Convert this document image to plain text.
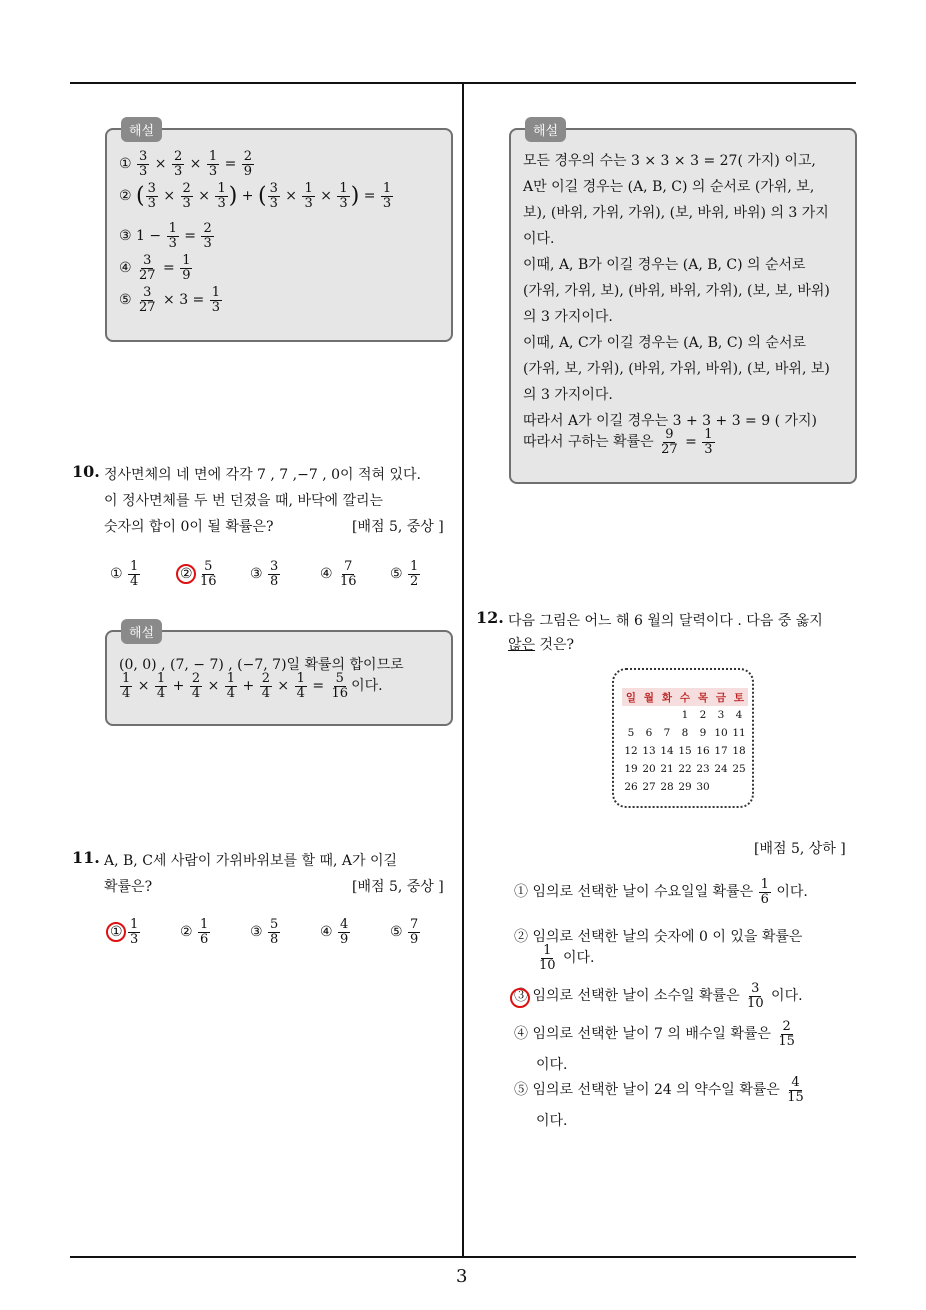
3
해설
① $\frac{3}{3} \times \frac{2}{3} \times \frac{1}{3} = \frac{2}{9}$
② ( $\frac{3}{3} \times \frac{2}{3} \times \frac{1}{3}$ ) + ( $\frac{3}{3} \times \frac{1}{3} \times \frac{1}{3}$ ) = $\frac{1}{3}$
③ $1 - \frac{1}{3} = \frac{2}{3}$
④ $\frac{3}{27} = \frac{1}{9}$
⑤ $\frac{3}{27} \times 3 = \frac{1}{3}$
10. 정사면체의 네 면에 각각 7 , 7 ,−7 , 0이 적혀 있다.
이 정사면체를 두 번 던졌을 때, 바닥에 깔리는
숫자의 합이 0이 될 확률은?	[배점 5, 중상 ]
① $\frac{1}{4}$	② $\frac{5}{16}$ ③ $\frac{3}{8}$	④ $\frac{7}{16}$ ⑤ $\frac{1}{2}$
해설
(0, 0) , (7, − 7) , (−7, 7)일 확률의 합이므로
$\frac{1}{4} \times \frac{1}{4} + \frac{2}{4} \times \frac{1}{4} + \frac{2}{4} \times \frac{1}{4} = \frac{5}{16}$ 이다.
11. A, B, C세 사람이 가위바위보를 할 때, A가 이길
확률은?	[배점 5, 중상 ]
① $\frac{1}{3}$	② $\frac{1}{6}$	③ $\frac{5}{8}$	④ $\frac{4}{9}$	⑤ $\frac{7}{9}$
해설
모든 경우의 수는 3 × 3 × 3 = 27( 가지) 이고,
A만 이길 경우는 (A, B, C) 의 순서로 (가위, 보,
보), (바위, 가위, 가위), (보, 바위, 바위) 의 3 가지
이다.
이때, A, B가 이길 경우는 (A, B, C) 의 순서로
(가위, 가위, 보), (바위, 바위, 가위), (보, 보, 바위)
의 3 가지이다.
이때, A, C가 이길 경우는 (A, B, C) 의 순서로
(가위, 보, 가위), (바위, 가위, 바위), (보, 바위, 보)
의 3 가지이다.
따라서 A가 이길 경우는 3 + 3 + 3 = 9 ( 가지)
따라서 구하는 확률은 $\frac{9}{27} = \frac{1}{3}$
12. 다음 그림은 어느 해 6 월의 달력이다 . 다음 중 옳지
않은 것은?
일	월	화	수	목	금	토
			1	2	3	4
5	6	7	8	9	10	11
12	13	14	15	16	17	18
19	20	21	22	23	24	25
26	27	28	29	30		
[배점 5, 상하 ]
① 임의로 선택한 날이 수요일일 확률은 $\frac{1}{6}$ 이다.
② 임의로 선택한 날의 숫자에 0 이 있을 확률은
$\frac{1}{10}$ 이다.
③ 임의로 선택한 날이 소수일 확률은 $\frac{3}{10}$ 이다.
④ 임의로 선택한 날이 7 의 배수일 확률은 $\frac{2}{15}$
이다.
⑤ 임의로 선택한 날이 24 의 약수일 확률은 $\frac{4}{15}$
이다.
